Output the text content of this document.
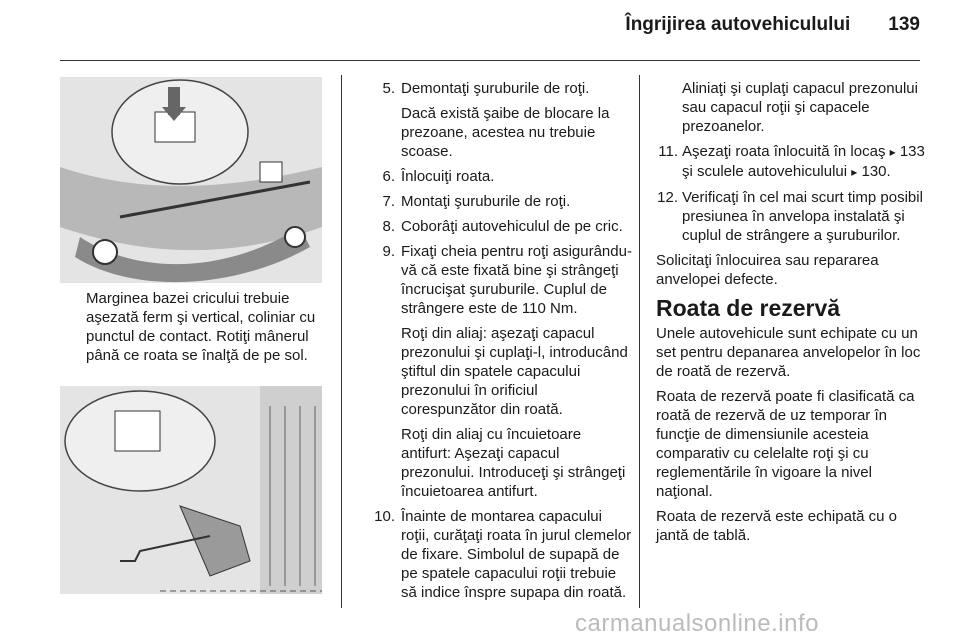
Îngrijirea autovehiculului 139
Marginea bazei cricului trebuie aşezată ferm şi vertical, coliniar cu punctul de contact. Rotiţi mânerul până ce roata se înalţă de pe sol.
5. Demontaţi şuruburile de roţi.
Dacă există şaibe de blocare la prezoane, acestea nu trebuie scoase.
6. Înlocuiţi roata.
7. Montaţi şuruburile de roţi.
8. Coborâţi autovehiculul de pe cric.
9. Fixaţi cheia pentru roţi asigurându-vă că este fixată bine şi strângeţi încrucişat şuruburile. Cuplul de strângere este de 110 Nm.
Roţi din aliaj: aşezaţi capacul prezonului şi cuplaţi-l, introducând ştiftul din spatele capacului prezonului în orificiul corespunzător din roată.
Roţi din aliaj cu încuietoare antifurt: Aşezaţi capacul prezonului. Introduceţi şi strângeţi încuietoarea antifurt.
10. Înainte de montarea capacului roţii, curăţaţi roata în jurul clemelor de fixare. Simbolul de supapă de pe spatele capacului roţii trebuie să indice înspre supapa din roată.
Aliniaţi şi cuplaţi capacul prezonului sau capacul roţii şi capacele prezoanelor.
11. Aşezaţi roata înlocuită în locaş ▸ 133 şi sculele autovehiculului ▸ 130.
12. Verificaţi în cel mai scurt timp posibil presiunea în anvelopa instalată şi cuplul de strângere a şuruburilor.

Solicitaţi înlocuirea sau repararea anvelopei defecte.

Roata de rezervă

Unele autovehicule sunt echipate cu un set pentru depanarea anvelopelor în loc de roată de rezervă.

Roata de rezervă poate fi clasificată ca roată de rezervă de uz temporar în funcţie de dimensiunile acesteia comparativ cu celelalte roţi şi cu reglementările în vigoare la nivel naţional.

Roata de rezervă este echipată cu o jantă de tablă.

carmanualsonline.info
